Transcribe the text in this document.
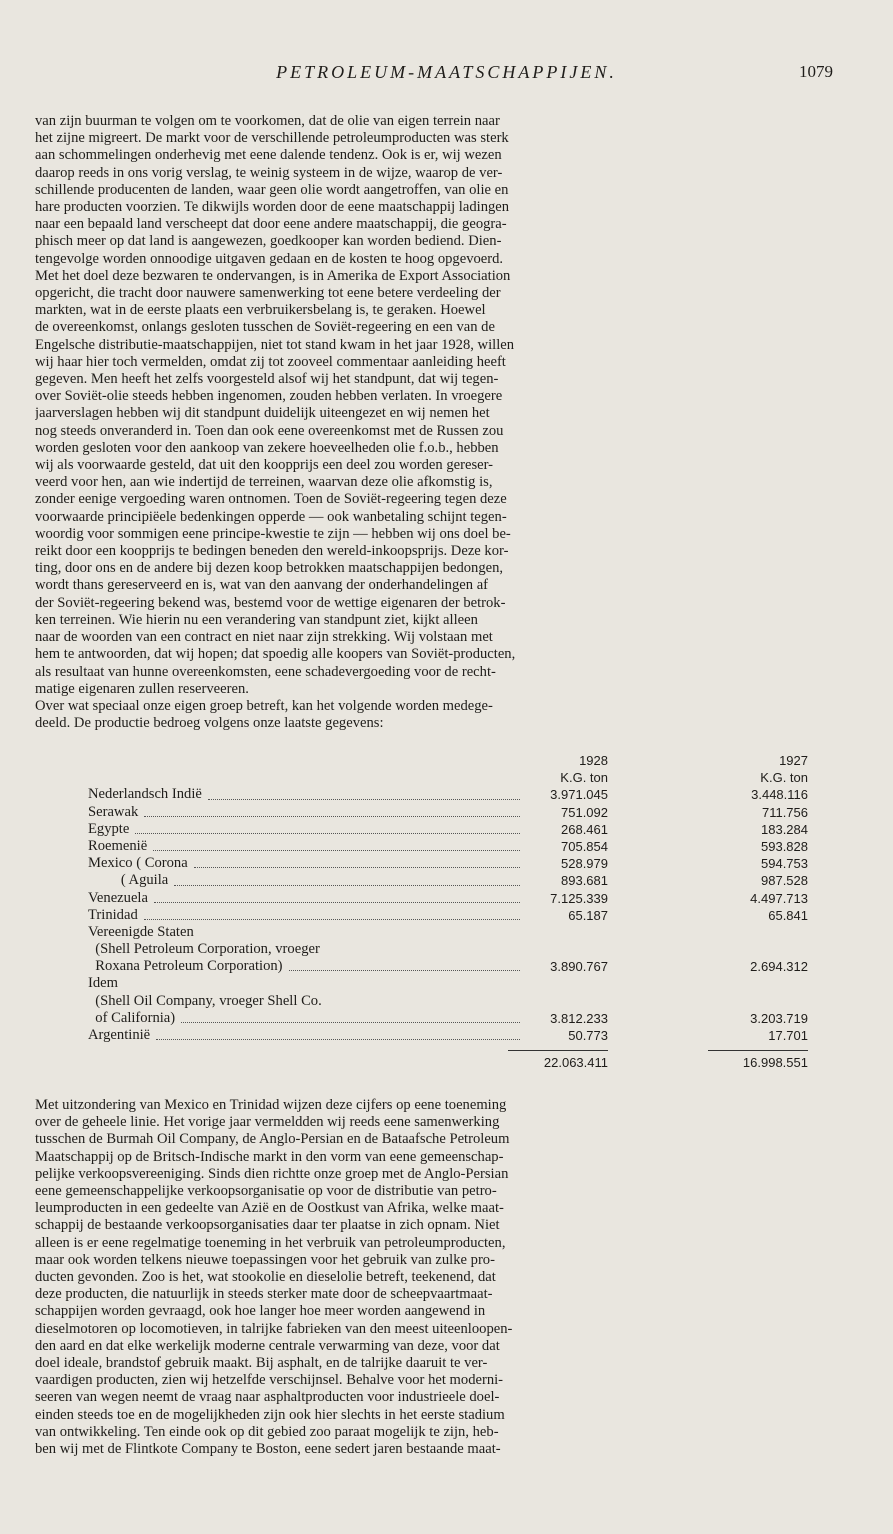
PETROLEUM-MAATSCHAPPIJEN.	1079
van zijn buurman te volgen om te voorkomen, dat de olie van eigen terrein naar
het zijne migreert. De markt voor de verschillende petroleumproducten was sterk
aan schommelingen onderhevig met eene dalende tendenz. Ook is er, wij wezen
daarop reeds in ons vorig verslag, te weinig systeem in de wijze, waarop de ver-
schillende producenten de landen, waar geen olie wordt aangetroffen, van olie en
hare producten voorzien. Te dikwijls worden door de eene maatschappij ladingen
naar een bepaald land verscheept dat door eene andere maatschappij, die geogra-
phisch meer op dat land is aangewezen, goedkooper kan worden bediend. Dien-
tengevolge worden onnoodige uitgaven gedaan en de kosten te hoog opgevoerd.
Met het doel deze bezwaren te ondervangen, is in Amerika de Export Association
opgericht, die tracht door nauwere samenwerking tot eene betere verdeeling der
markten, wat in de eerste plaats een verbruikersbelang is, te geraken. Hoewel
de overeenkomst, onlangs gesloten tusschen de Soviët-regeering en een van de
Engelsche distributie-maatschappijen, niet tot stand kwam in het jaar 1928, willen
wij haar hier toch vermelden, omdat zij tot zooveel commentaar aanleiding heeft
gegeven. Men heeft het zelfs voorgesteld alsof wij het standpunt, dat wij tegen-
over Soviët-olie steeds hebben ingenomen, zouden hebben verlaten. In vroegere
jaarverslagen hebben wij dit standpunt duidelijk uiteengezet en wij nemen het
nog steeds onveranderd in. Toen dan ook eene overeenkomst met de Russen zou
worden gesloten voor den aankoop van zekere hoeveelheden olie f.o.b., hebben
wij als voorwaarde gesteld, dat uit den koopprijs een deel zou worden gereser-
veerd voor hen, aan wie indertijd de terreinen, waarvan deze olie afkomstig is,
zonder eenige vergoeding waren ontnomen. Toen de Soviët-regeering tegen deze
voorwaarde principiëele bedenkingen opperde — ook wanbetaling schijnt tegen-
woordig voor sommigen eene principe-kwestie te zijn — hebben wij ons doel be-
reikt door een koopprijs te bedingen beneden den wereld-inkoopsprijs. Deze kor-
ting, door ons en de andere bij dezen koop betrokken maatschappijen bedongen,
wordt thans gereserveerd en is, wat van den aanvang der onderhandelingen af
der Soviët-regeering bekend was, bestemd voor de wettige eigenaren der betrok-
ken terreinen. Wie hierin nu een verandering van standpunt ziet, kijkt alleen
naar de woorden van een contract en niet naar zijn strekking. Wij volstaan met
hem te antwoorden, dat wij hopen; dat spoedig alle koopers van Soviët-producten,
als resultaat van hunne overeenkomsten, eene schadevergoeding voor de recht-
matige eigenaren zullen reserveeren.
Over wat speciaal onze eigen groep betreft, kan het volgende worden medege-
deeld. De productie bedroeg volgens onze laatste gegevens:
1928	1927
K.G. ton	K.G. ton
Nederlandsch Indië	3.971.045	3.448.116
Serawak	751.092	711.756
Egypte	268.461	183.284
Roemenië	705.854	593.828
Mexico ( Corona	528.979	594.753
( Aguila	893.681	987.528
Venezuela	7.125.339	4.497.713
Trinidad	65.187	65.841
Vereenigde Staten
(Shell Petroleum Corporation, vroeger
Roxana Petroleum Corporation)	3.890.767	2.694.312
Idem
(Shell Oil Company, vroeger Shell Co.
of California)	3.812.233	3.203.719
Argentinië	50.773	17.701
22.063.411	16.998.551
Met uitzondering van Mexico en Trinidad wijzen deze cijfers op eene toeneming
over de geheele linie. Het vorige jaar vermeldden wij reeds eene samenwerking
tusschen de Burmah Oil Company, de Anglo-Persian en de Bataafsche Petroleum
Maatschappij op de Britsch-Indische markt in den vorm van eene gemeenschap-
pelijke verkoopsvereeniging. Sinds dien richtte onze groep met de Anglo-Persian
eene gemeenschappelijke verkoopsorganisatie op voor de distributie van petro-
leumproducten in een gedeelte van Azië en de Oostkust van Afrika, welke maat-
schappij de bestaande verkoopsorganisaties daar ter plaatse in zich opnam. Niet
alleen is er eene regelmatige toeneming in het verbruik van petroleumproducten,
maar ook worden telkens nieuwe toepassingen voor het gebruik van zulke pro-
ducten gevonden. Zoo is het, wat stookolie en dieselolie betreft, teekenend, dat
deze producten, die natuurlijk in steeds sterker mate door de scheepvaartmaat-
schappijen worden gevraagd, ook hoe langer hoe meer worden aangewend in
dieselmotoren op locomotieven, in talrijke fabrieken van den meest uiteenloopen-
den aard en dat elke werkelijk moderne centrale verwarming van deze, voor dat
doel ideale, brandstof gebruik maakt. Bij asphalt, en de talrijke daaruit te ver-
vaardigen producten, zien wij hetzelfde verschijnsel. Behalve voor het moderni-
seeren van wegen neemt de vraag naar asphaltproducten voor industrieele doel-
einden steeds toe en de mogelijkheden zijn ook hier slechts in het eerste stadium
van ontwikkeling. Ten einde ook op dit gebied zoo paraat mogelijk te zijn, heb-
ben wij met de Flintkote Company te Boston, eene sedert jaren bestaande maat-
